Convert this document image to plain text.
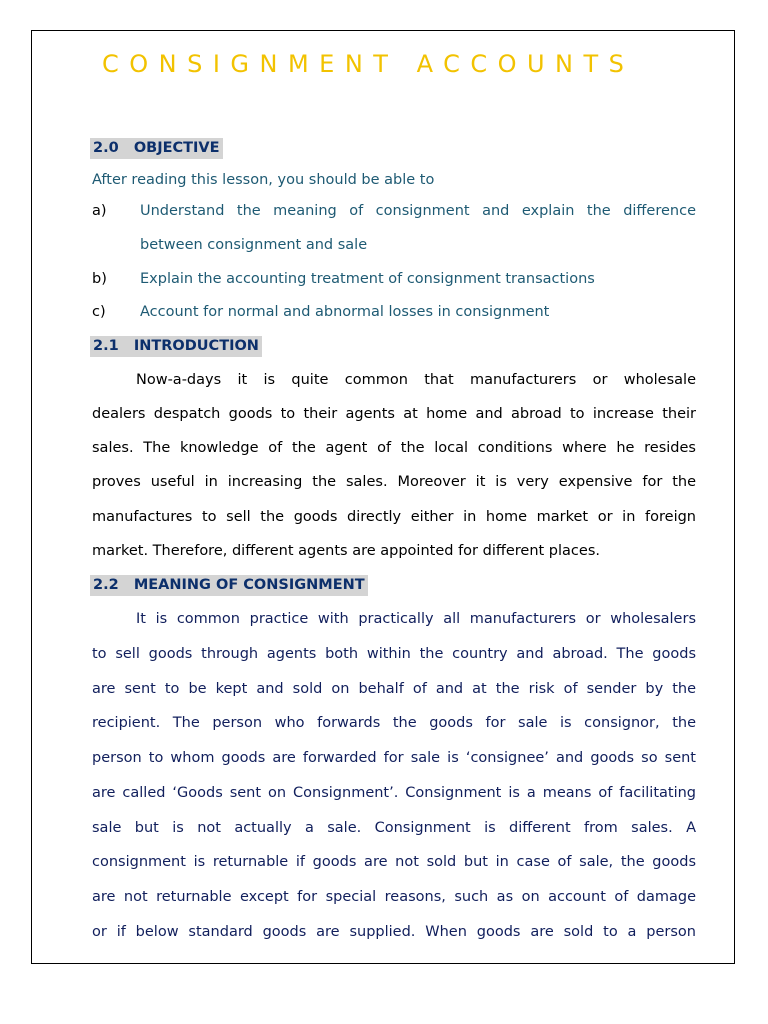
CONSIGNMENT ACCOUNTS
2.0   OBJECTIVE

After reading this lesson, you should be able to

a) Understand the meaning of consignment and explain the difference

between consignment and sale

b) Explain the accounting treatment of consignment transactions

c) Account for normal and abnormal losses in consignment

2.1   INTRODUCTION

Now-a-days it is quite common that manufacturers or wholesale

dealers despatch goods to their agents at home and abroad to increase their

sales. The knowledge of the agent of the local conditions where he resides

proves useful in increasing the sales. Moreover it is very expensive for the

manufactures to sell the goods directly either in home market or in foreign

market. Therefore, different agents are appointed for different places.

2.2   MEANING OF CONSIGNMENT

It is common practice with practically all manufacturers or wholesalers

to sell goods through agents both within the country and abroad. The goods

are sent to be kept and sold on behalf of and at the risk of sender by the

recipient. The person who forwards the goods for sale is consignor, the

person to whom goods are forwarded for sale is ‘consignee’ and goods so sent

are called ‘Goods sent on Consignment’. Consignment is a means of facilitating

sale but is not actually a sale. Consignment is different from sales. A

consignment is returnable if goods are not sold but in case of sale, the goods

are not returnable except for special reasons, such as on account of damage

or if below standard goods are supplied. When goods are sold to a person
